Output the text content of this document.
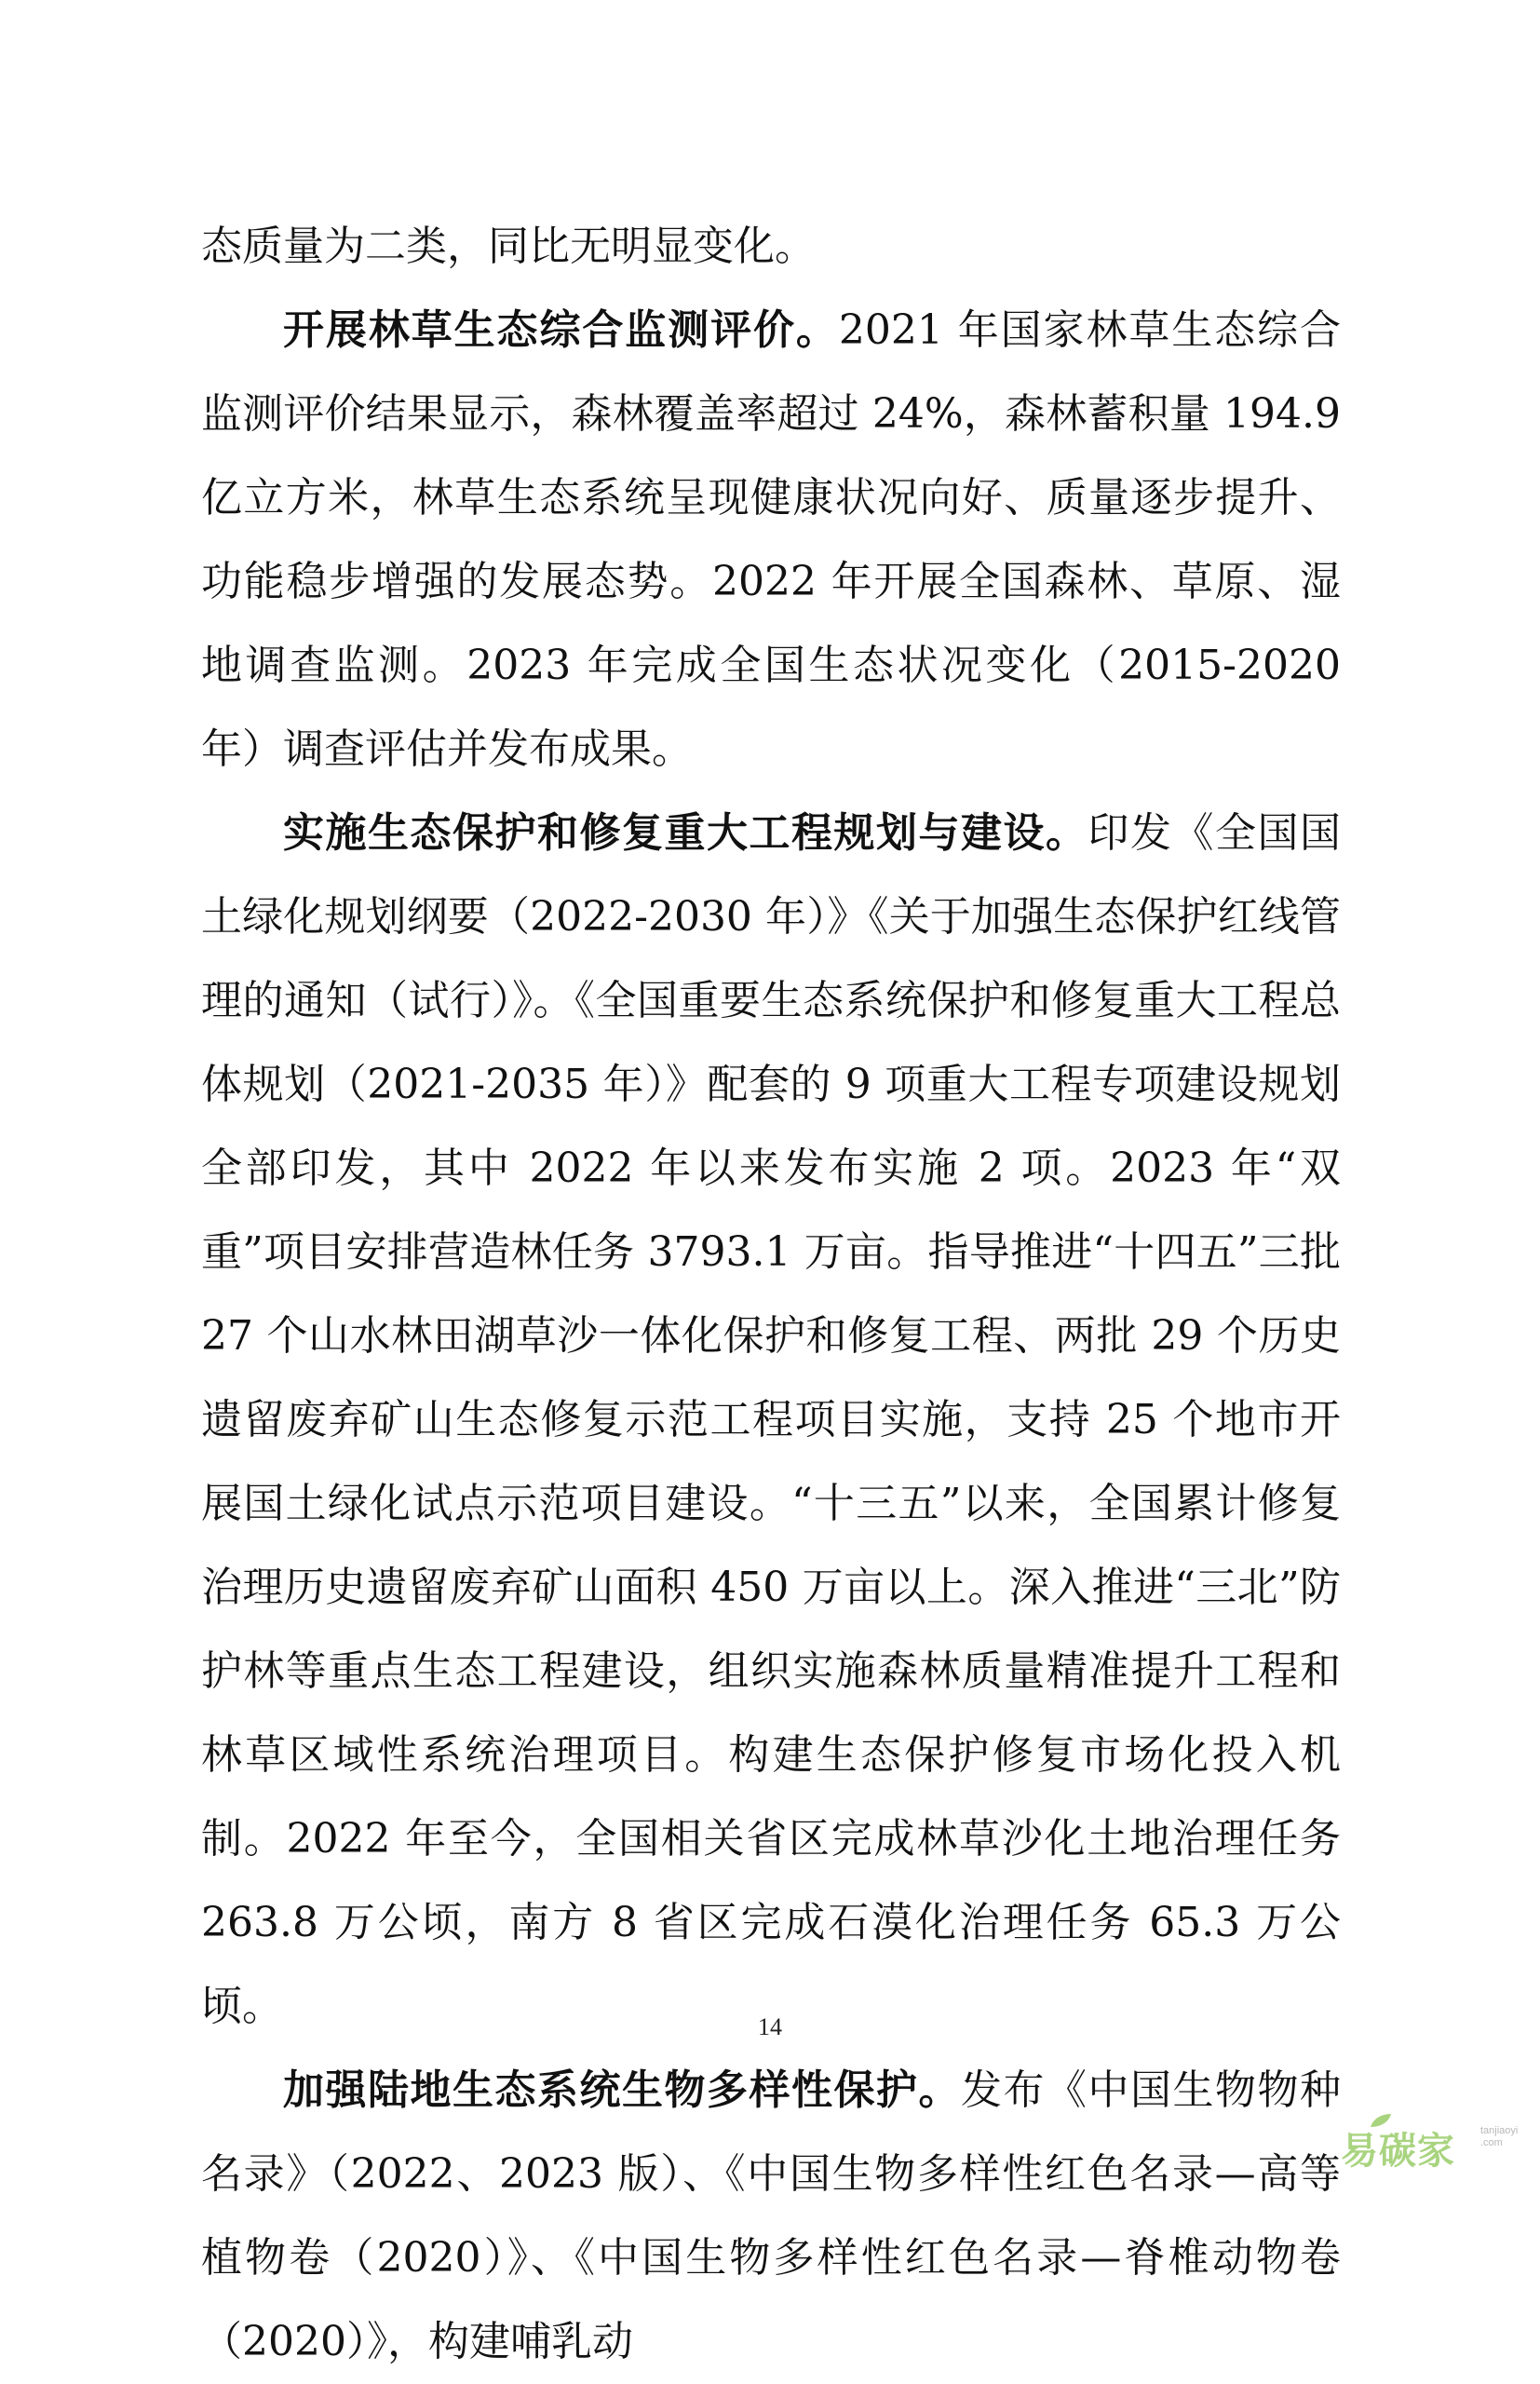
态质量为二类，同比无明显变化。

开展林草生态综合监测评价。2021 年国家林草生态综合监测评价结果显示，森林覆盖率超过 24%，森林蓄积量 194.9 亿立方米，林草生态系统呈现健康状况向好、质量逐步提升、功能稳步增强的发展态势。2022 年开展全国森林、草原、湿地调查监测。2023 年完成全国生态状况变化（2015-2020 年）调查评估并发布成果。

实施生态保护和修复重大工程规划与建设。印发《全国国土绿化规划纲要（2022-2030 年）》《关于加强生态保护红线管理的通知（试行）》。《全国重要生态系统保护和修复重大工程总体规划（2021-2035 年）》配套的 9 项重大工程专项建设规划全部印发，其中 2022 年以来发布实施 2 项。2023 年“双重”项目安排营造林任务 3793.1 万亩。指导推进“十四五”三批 27 个山水林田湖草沙一体化保护和修复工程、两批 29 个历史遗留废弃矿山生态修复示范工程项目实施，支持 25 个地市开展国土绿化试点示范项目建设。“十三五”以来，全国累计修复治理历史遗留废弃矿山面积 450 万亩以上。深入推进“三北”防护林等重点生态工程建设，组织实施森林质量精准提升工程和林草区域性系统治理项目。构建生态保护修复市场化投入机制。2022 年至今，全国相关省区完成林草沙化土地治理任务 263.8 万公顷，南方 8 省区完成石漠化治理任务 65.3 万公顷。

加强陆地生态系统生物多样性保护。发布《中国生物物种名录》（2022、2023 版）、《中国生物多样性红色名录—高等植物卷（2020）》、《中国生物多样性红色名录—脊椎动物卷（2020）》，构建哺乳动

14
易碳家 tanjiaoyi
.com
